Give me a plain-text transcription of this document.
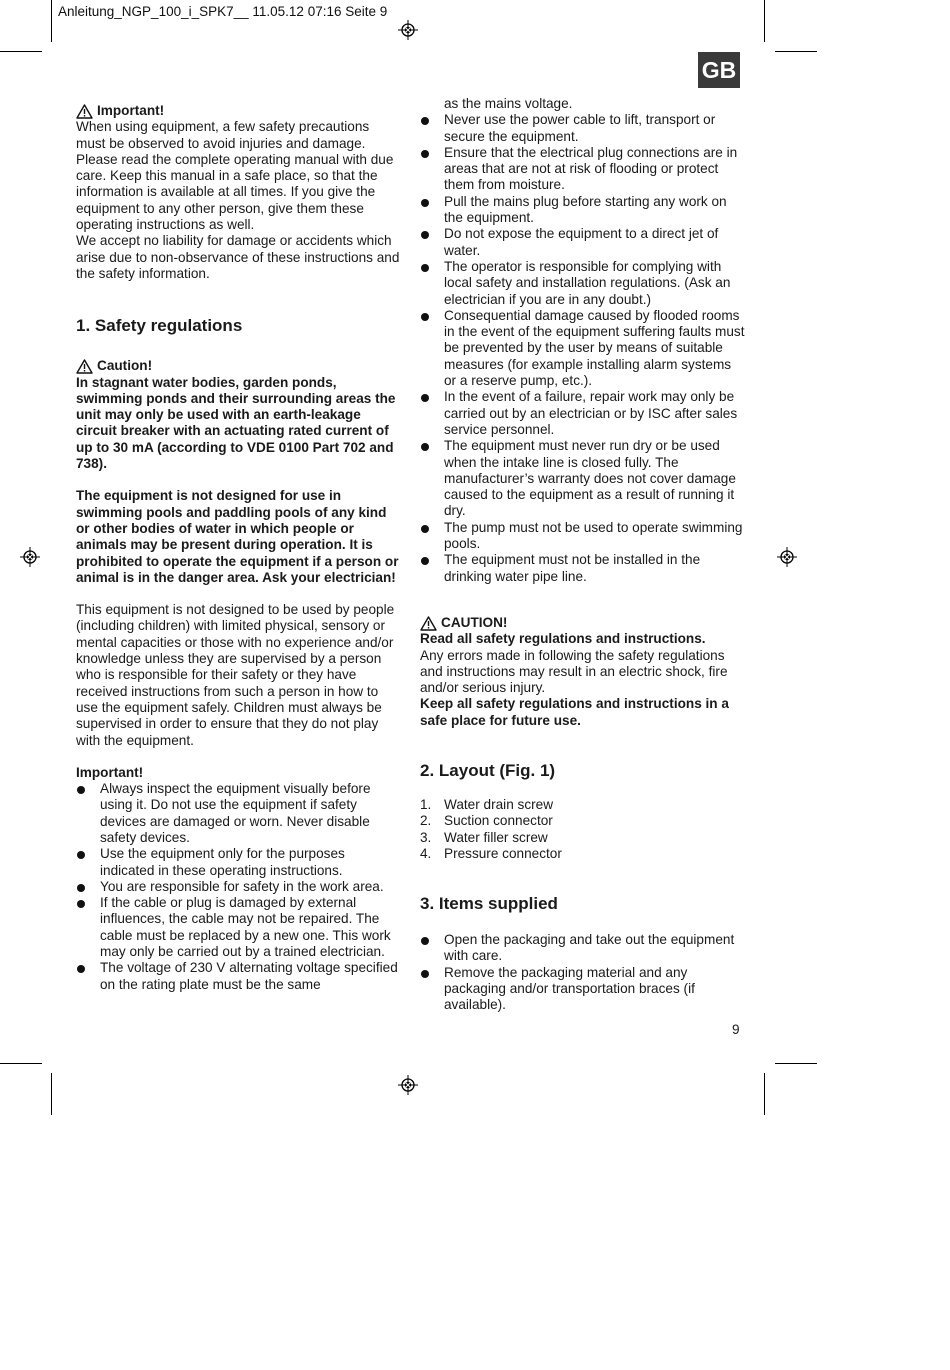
Anleitung_NGP_100_i_SPK7__ 11.05.12 07:16 Seite 9
GB
Important!

When using equipment, a few safety precautions must be observed to avoid injuries and damage. Please read the complete operating manual with due care. Keep this manual in a safe place, so that the information is available at all times. If you give the equipment to any other person, give them these operating instructions as well.

We accept no liability for damage or accidents which arise due to non-observance of these instructions and the safety information.

1. Safety regulations
Caution!

In stagnant water bodies, garden ponds, swimming ponds and their surrounding areas the unit may only be used with an earth-leakage circuit breaker with an actuating rated current of up to 30 mA (according to VDE 0100 Part 702 and 738).

The equipment is not designed for use in swimming pools and paddling pools of any kind or other bodies of water in which people or animals may be present during operation. It is prohibited to operate the equipment if a person or animal is in the danger area. Ask your electrician!

This equipment is not designed to be used by people (including children) with limited physical, sensory or mental capacities or those with no experience and/or knowledge unless they are supervised by a person who is responsible for their safety or they have received instructions from such a person in how to use the equipment safely. Children must always be supervised in order to ensure that they do not play with the equipment.

Important!

Always inspect the equipment visually before using it. Do not use the equipment if safety devices are damaged or worn. Never disable safety devices.
Use the equipment only for the purposes indicated in these operating instructions.
You are responsible for safety in the work area.
If the cable or plug is damaged by external influences, the cable may not be repaired. The cable must be replaced by a new one. This work may only be carried out by a trained electrician.
The voltage of 230 V alternating voltage specified on the rating plate must be the same
as the mains voltage.
Never use the power cable to lift, transport or secure the equipment.
Ensure that the electrical plug connections are in areas that are not at risk of flooding or protect them from moisture.
Pull the mains plug before starting any work on the equipment.
Do not expose the equipment to a direct jet of water.
The operator is responsible for complying with local safety and installation regulations. (Ask an electrician if you are in any doubt.)
Consequential damage caused by flooded rooms in the event of the equipment suffering faults must be prevented by the user by means of suitable measures (for example installing alarm systems or a reserve pump, etc.).
In the event of a failure, repair work may only be carried out by an electrician or by ISC after sales service personnel.
The equipment must never run dry or be used when the intake line is closed fully. The manufacturer’s warranty does not cover damage caused to the equipment as a result of running it dry.
The pump must not be used to operate swimming pools.
The equipment must not be installed in the drinking water pipe line.
CAUTION!

Read all safety regulations and instructions.

Any errors made in following the safety regulations and instructions may result in an electric shock, fire and/or serious injury.

Keep all safety regulations and instructions in a safe place for future use.

2. Layout (Fig. 1)
1. Water drain screw
2. Suction connector
3. Water filler screw
4. Pressure connector
3. Items supplied
Open the packaging and take out the equipment with care.
Remove the packaging material and any packaging and/or transportation braces (if available).
9
